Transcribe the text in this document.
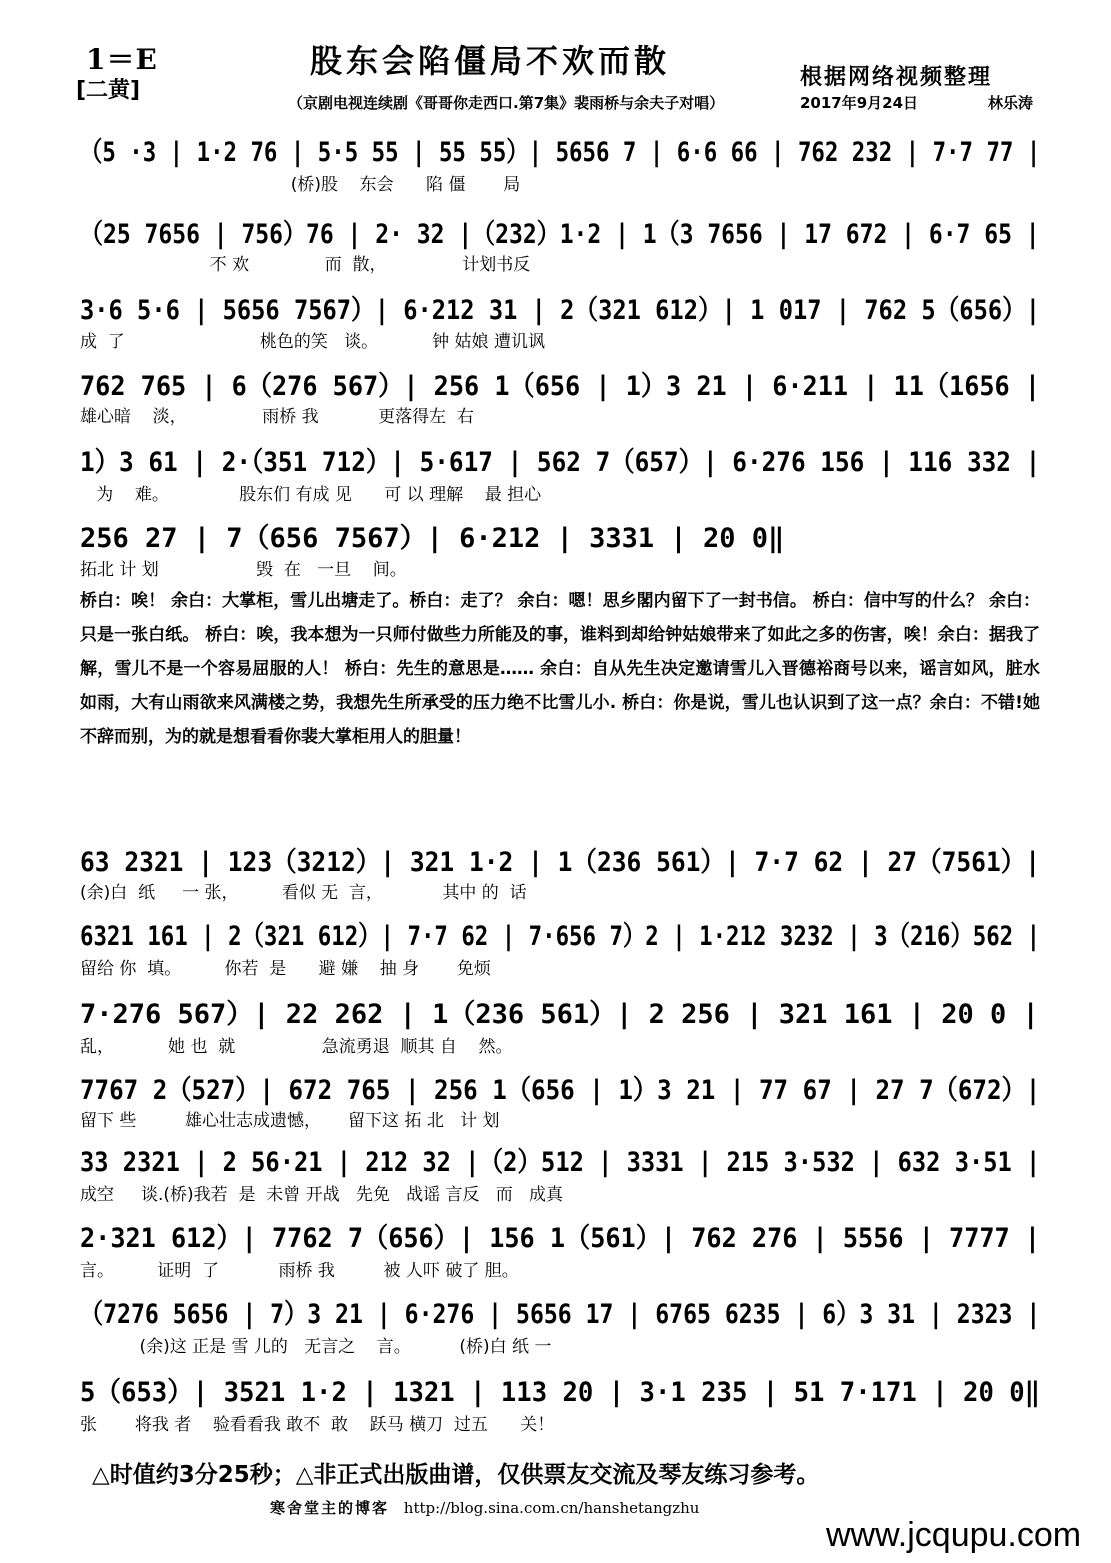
1＝E
[二黄]
股东会陷僵局不欢而散	根据网络视频整理
（京剧电视连续剧《哥哥你走西口.第7集》裴雨桥与余夫子对唱）	2017年9月24日	林乐涛
（5 ·3 | 1·2 76 | 5·5 55 | 55 55）| 5656 7 | 6·6 66 | 762 232 | 7·7 77 |
(桥)股    东会      陷 僵       局
（25 7656 | 756）76 | 2· 32 |（232）1·2 | 1（3 7656 | 17 672 | 6·7 65 |
不 欢              而  散，              计划书反
3·6 5·6 | 5656 7567）| 6·212 31 | 2（321 612）| 1 017 | 762 5（656）|
成  了                         桃色的笑   谈。          钟 姑娘 遭讥讽
762 765 | 6（276 567）| 256 1（656 | 1）3 21 | 6·211 | 11（1656 |
雄心暗    淡，              雨桥 我           更落得左  右
1）3 61 | 2·（351 712）| 5·617 | 562 7（657）| 6·276 156 | 116 332 |
为    难。             股东们 有成 见      可 以 理解    最 担心
256 27 | 7（656 7567）| 6·212 | 3331 | 20 0‖
拓北 计 划                  毁  在   一旦    间。
桥白：唉！ 余白：大掌柜，雪儿出塘走了。桥白：走了？ 余白：嗯！思乡閣内留下了一封书信。 桥白：信中写的什么？ 余白：只是一张白纸。 桥白：唉，我本想为一只师付做些力所能及的事，谁料到却给钟姑娘带来了如此之多的伤害，唉！余白：据我了解，雪儿不是一个容易屈服的人！ 桥白：先生的意思是…… 余白：自从先生决定邀请雪儿入晋德裕商号以来，谣言如风，脏水如雨，大有山雨欲来风满楼之势，我想先生所承受的压力绝不比雪儿小. 桥白：你是说，雪儿也认识到了这一点？余白：不错!她不辞而别，为的就是想看看你裴大掌柜用人的胆量！
63 2321 | 123（3212）| 321 1·2 | 1（236 561）| 7·7 62 | 27（7561）|
(余)白  纸     一 张，        看似 无  言，           其中 的  话
6321 161 | 2（321 612）| 7·7 62 | 7·656 7）2 | 1·212 3232 | 3（216）562 |
留给 你  填。        你若  是      避 嫌    抽 身       免烦
7·276 567）| 22 262 | 1（236 561）| 2 256 | 321 161 | 20 0 |
乱，          她 也  就                急流勇退  顺其 自    然。
7767 2（527）| 672 765 | 256 1（656 | 1）3 21 | 77 67 | 27 7（672）|
留下 些         雄心壮志成遗憾，     留下这 拓 北   计 划
33 2321 | 2 56·21 | 212 32 |（2）512 | 3331 | 215 3·532 | 632 3·51 |
成空     谈.(桥)我若  是  未曾 开战   先免   战谣 言反   而   成真
2·321 612）| 7762 7（656）| 156 1（561）| 762 276 | 5556 | 7777 |
言。        证明  了           雨桥 我         被 人吓 破了 胆。
（7276 5656 | 7）3 21 | 6·276 | 5656 17 | 6765 6235 | 6）3 31 | 2323 |
(余)这 正是 雪 儿的   无言之    言。         (桥)白 纸 一
5（653）| 3521 1·2 | 1321 | 113 20 | 3·1 235 | 51 7·171 | 20 0‖
张       将我 者    验看看我 敢不  敢    跃马 横刀  过五      关！
△时值约3分25秒；△非正式出版曲谱，仅供票友交流及琴友练习参考。
寒舍堂主的博客 http://blog.sina.com.cn/hanshetangzhu
www.jcqupu.com
